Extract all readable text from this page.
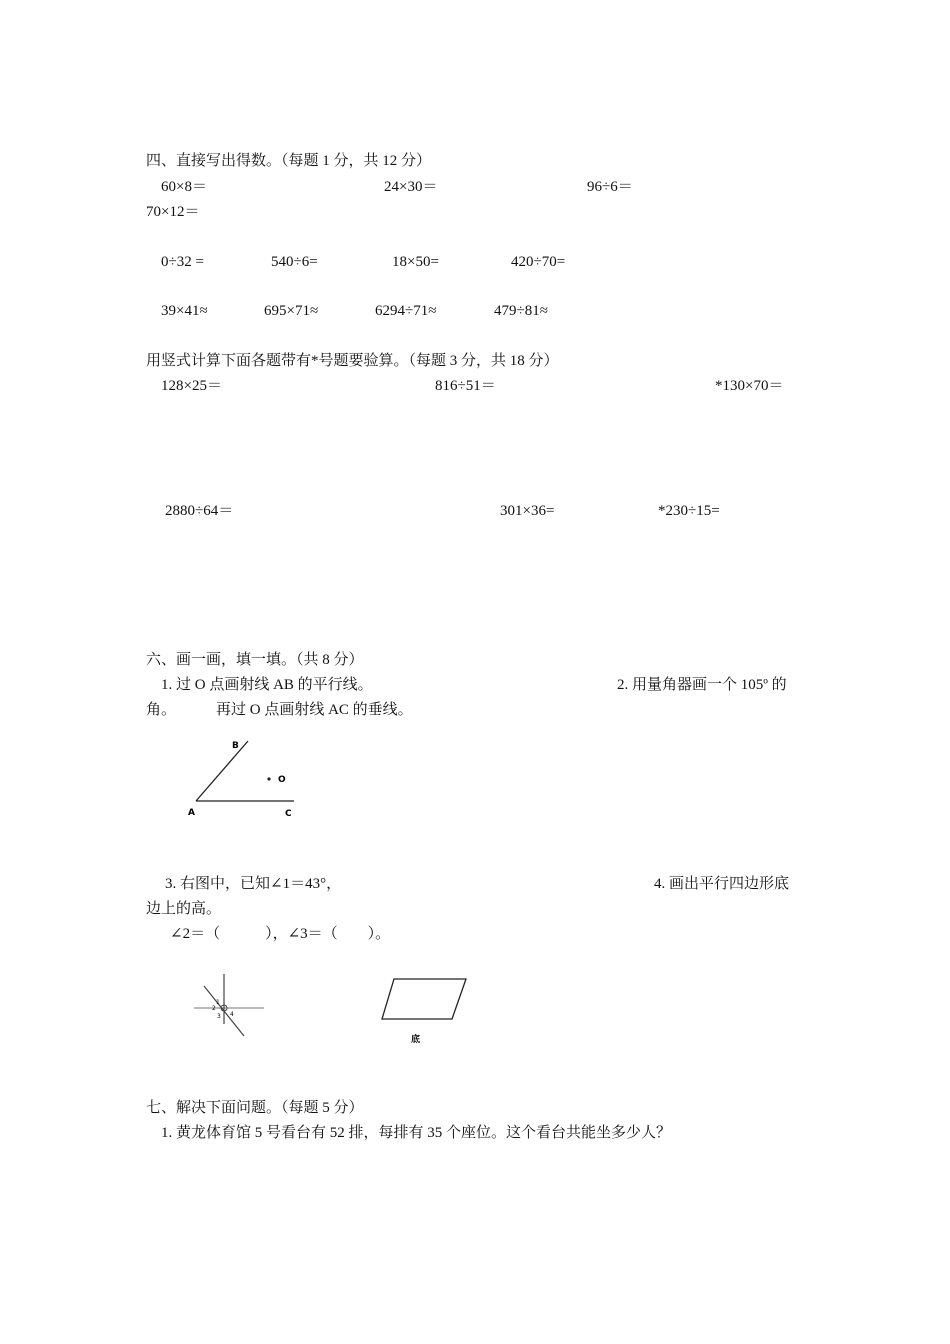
四、直接写出得数。（每题 1 分，共 12 分）
60×8＝	24×30＝	96÷6＝
70×12＝
0÷32 =	540÷6=	18×50=	420÷70=
39×41≈	695×71≈	6294÷71≈	479÷81≈
用竖式计算下面各题带有*号题要验算。（每题 3 分，共 18 分）
128×25＝	816÷51＝	*130×70＝
2880÷64＝	301×36=	*230÷15=
六、画一画，填一填。（共 8 分）
1. 过 O 点画射线 AB 的平行线。	2. 用量角器画一个 105º 的
角。	再过 O 点画射线 AC 的垂线。
B
O
A	C
3. 右图中，已知∠1＝43°，	4. 画出平行四边形底
边上的高。
∠2＝（　　　），∠3＝（　　）。
1
2
3 4
底
七、解决下面问题。（每题 5 分）
1. 黄龙体育馆 5 号看台有 52 排，每排有 35 个座位。这个看台共能坐多少人？
